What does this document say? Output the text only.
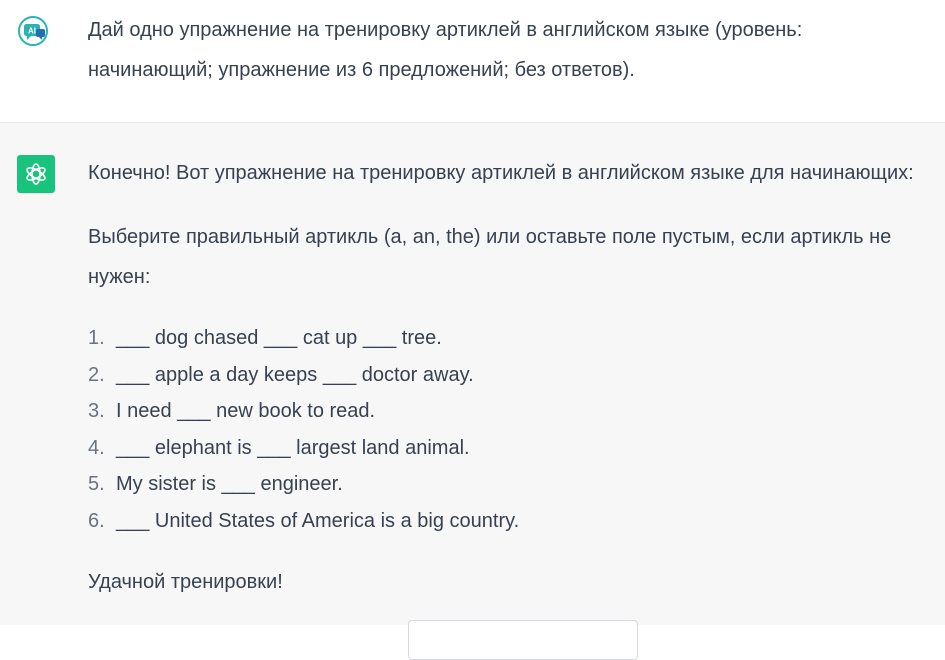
AI	Дай одно упражнение на тренировку артиклей в английском языке (уровень:
начинающий; упражнение из 6 предложений; без ответов).
Конечно! Вот упражнение на тренировку артиклей в английском языке для начинающих:
Выберите правильный артикль (a, an, the) или оставьте поле пустым, если артикль не
нужен:
1. ___ dog chased ___ cat up ___ tree.
2. ___ apple a day keeps ___ doctor away.
3. I need ___ new book to read.
4. ___ elephant is ___ largest land animal.
5. My sister is ___ engineer.
6. ___ United States of America is a big country.
Удачной тренировки!
